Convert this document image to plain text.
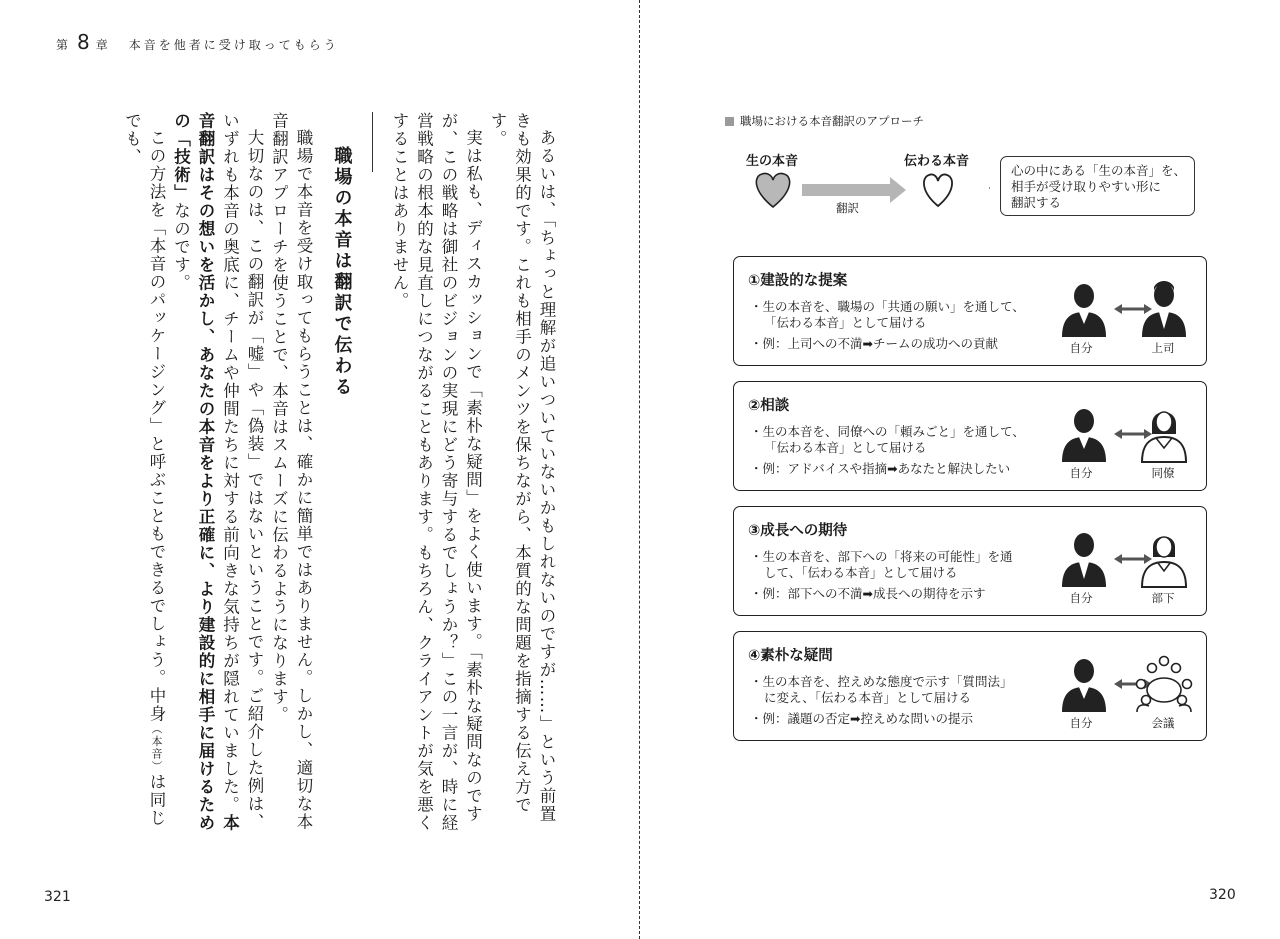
第 8 章 本音を他者に受け取ってもらう

あるいは、「ちょっと理解が追いついていないかもしれないのですが……」という前置きも効果的です。これも相手のメンツを保ちながら、本質的な問題を指摘する伝え方です。

実は私も、ディスカッションで「素朴な疑問」をよく使います。「素朴な疑問なのですが、この戦略は御社のビジョンの実現にどう寄与するでしょうか？」この一言が、時に経営戦略の根本的な見直しにつながることもあります。もちろん、クライアントが気を悪くすることはありません。

職場の本音は翻訳で伝わる

職場で本音を受け取ってもらうことは、確かに簡単ではありません。しかし、適切な本音翻訳アプローチを使うことで、本音はスムーズに伝わるようになります。

大切なのは、この翻訳が「嘘」や「偽装」ではないということです。ご紹介した例は、いずれも本音の奥底に、チームや仲間たちに対する前向きな気持ちが隠れていました。本音翻訳はその想いを活かし、あなたの本音をより正確に、より建設的に相手に届けるための「技術」なのです。

この方法を「本音のパッケージング」と呼ぶこともできるでしょう。中身（本音）は同じでも、

321
職場における本音翻訳のアプローチ
生の本音	伝わる本音
翻訳
心の中にある「生の本音」を、
相手が受け取りやすい形に
翻訳する
①建設的な提案
・生の本音を、職場の「共通の願い」を通して、
「伝わる本音」として届ける
・例：上司への不満➡チームの成功への貢献	自分	上司
②相談
・生の本音を、同僚への「頼みごと」を通して、
「伝わる本音」として届ける
・例：アドバイスや指摘➡あなたと解決したい	自分	同僚
③成長への期待
・生の本音を、部下への「将来の可能性」を通
して、「伝わる本音」として届ける
・例：部下への不満➡成長への期待を示す	自分	部下
④素朴な疑問
・生の本音を、控えめな態度で示す「質問法」
に変え、「伝わる本音」として届ける
・例：議題の否定➡控えめな問いの提示	自分	会議
320
